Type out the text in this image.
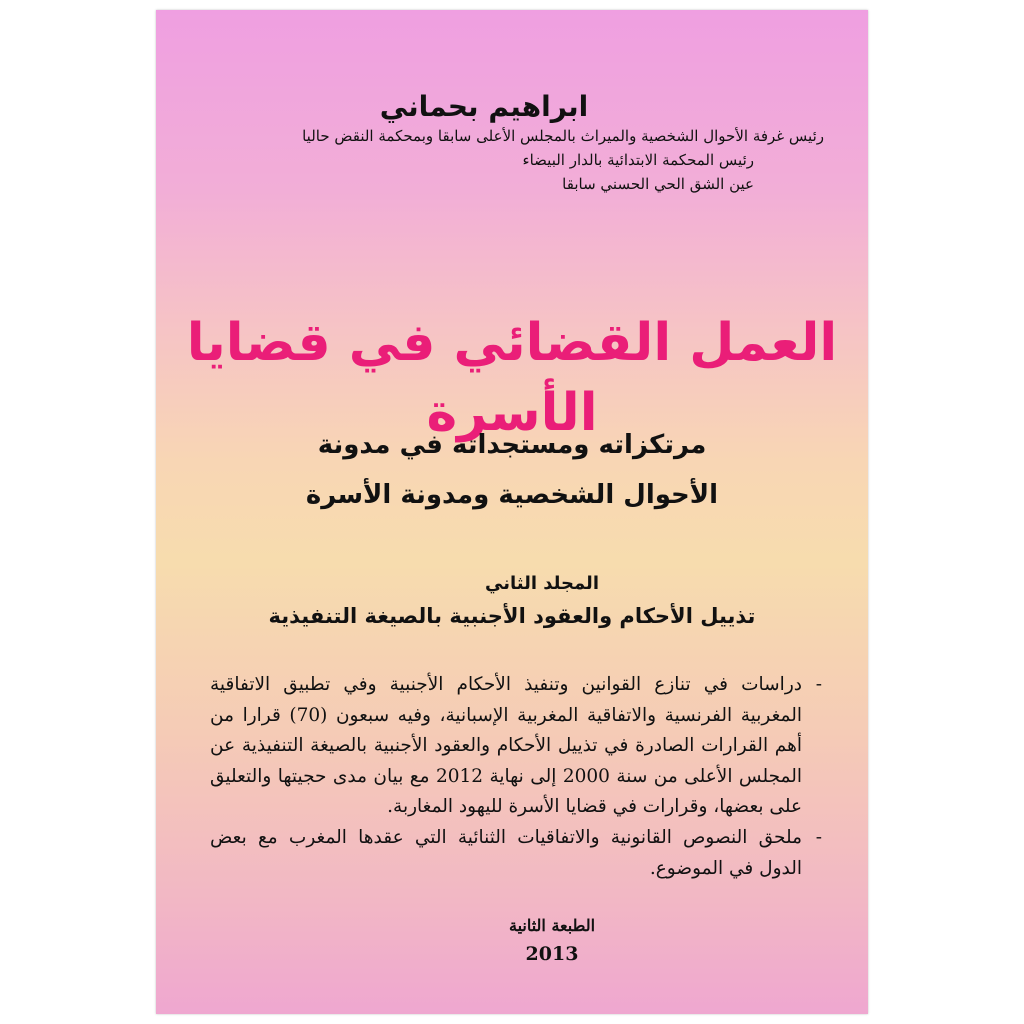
ابراهيم بحماني
رئيس غرفة الأحوال الشخصية والميراث بالمجلس الأعلى سابقا وبمحكمة النقض حاليا
رئيس المحكمة الابتدائية بالدار البيضاء
عين الشق الحي الحسني سابقا
العمل القضائي في قضايا الأسرة
مرتكزاته ومستجداته في مدونة
الأحوال الشخصية ومدونة الأسرة
المجلد الثاني
تذييل الأحكام والعقود الأجنبية بالصيغة التنفيذية
- دراسات في تنازع القوانين وتنفيذ الأحكام الأجنبية وفي تطبيق الاتفاقية المغربية الفرنسية والاتفاقية المغربية الإسبانية، وفيه سبعون (70) قرارا من أهم القرارات الصادرة في تذييل الأحكام والعقود الأجنبية بالصيغة التنفيذية عن المجلس الأعلى من سنة 2000 إلى نهاية 2012 مع بيان مدى حجيتها والتعليق على بعضها، وقرارات في قضايا الأسرة لليهود المغاربة.
- ملحق النصوص القانونية والاتفاقيات الثنائية التي عقدها المغرب مع بعض الدول في الموضوع.
الطبعة الثانية
2013
